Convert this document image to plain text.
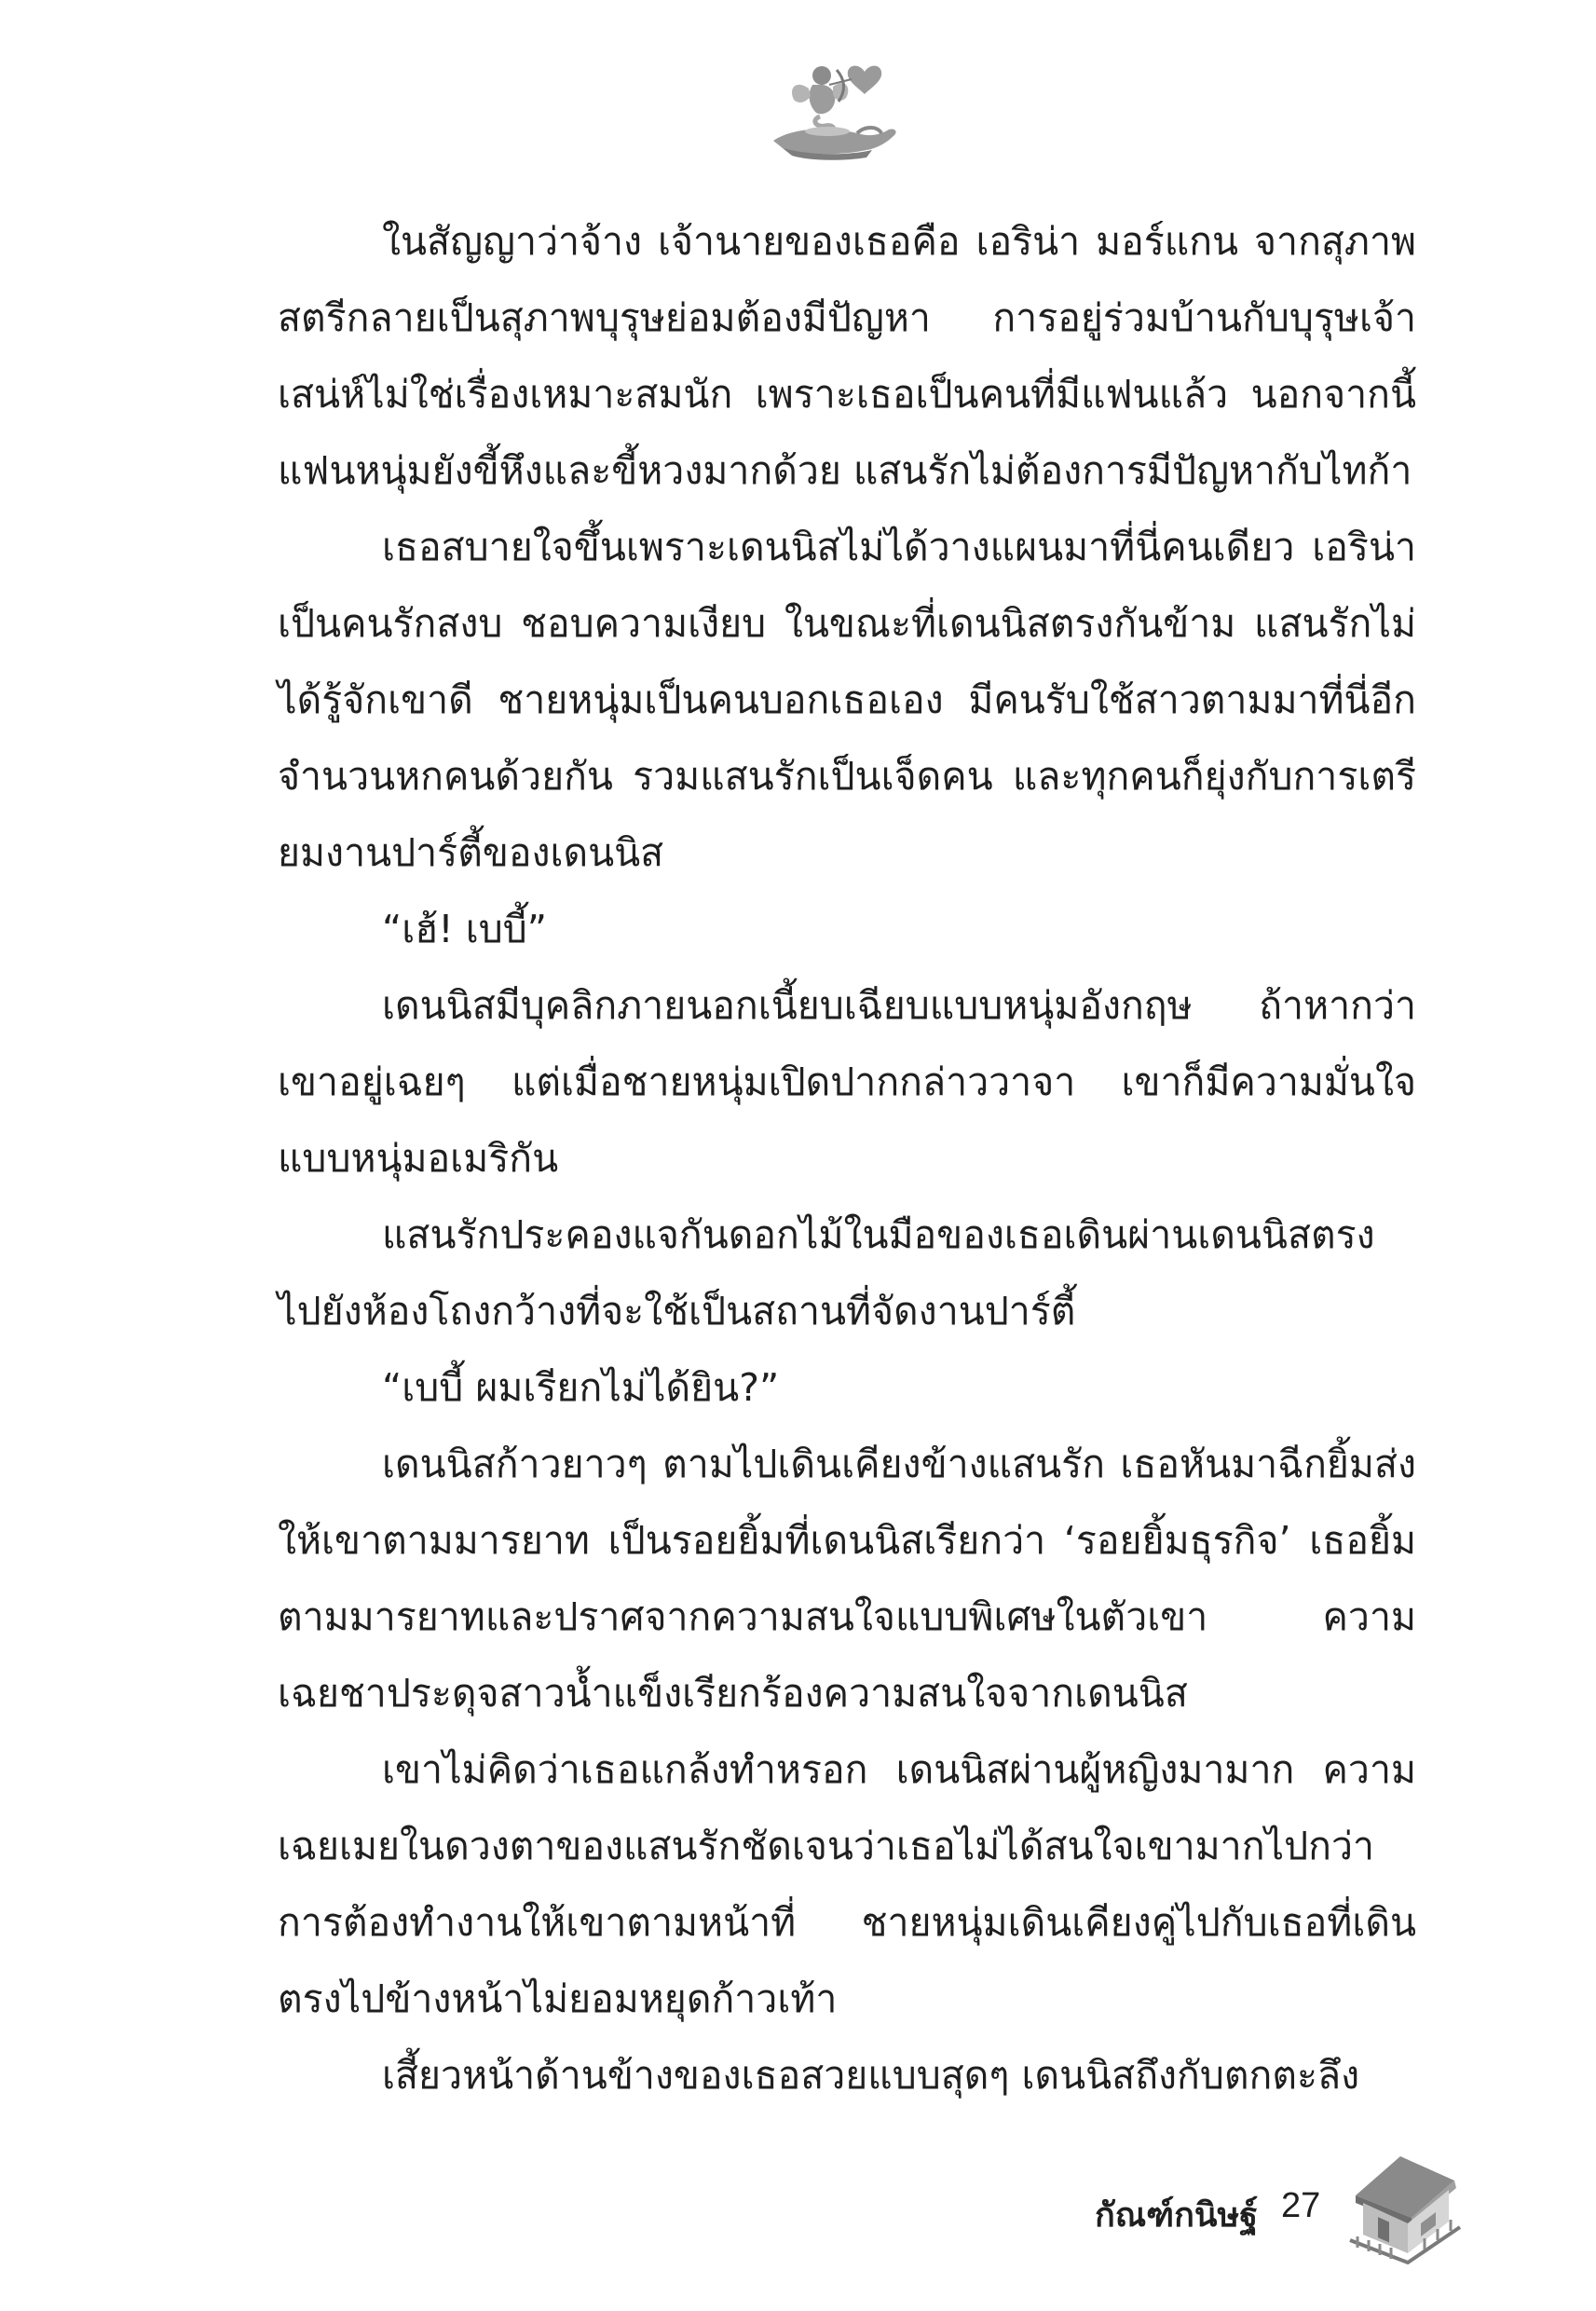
ในสัญญาว่าจ้าง เจ้านายของเธอคือ เอริน่า มอร์แกน จากสุภาพสตรีกลายเป็นสุภาพบุรุษย่อมต้องมีปัญหา การอยู่ร่วมบ้านกับบุรุษเจ้าเสน่ห์ไม่ใช่เรื่องเหมาะสมนัก เพราะเธอเป็นคนที่มีแฟนแล้ว นอกจากนี้แฟนหนุ่มยังขี้หึงและขี้หวงมากด้วย แสนรักไม่ต้องการมีปัญหากับไทก้า

เธอสบายใจขึ้นเพราะเดนนิสไม่ได้วางแผนมาที่นี่คนเดียว เอริน่าเป็นคนรักสงบ ชอบความเงียบ ในขณะที่เดนนิสตรงกันข้าม แสนรักไม่ได้รู้จักเขาดี ชายหนุ่มเป็นคนบอกเธอเอง มีคนรับใช้สาวตามมาที่นี่อีกจำนวนหกคนด้วยกัน รวมแสนรักเป็นเจ็ดคน และทุกคนก็ยุ่งกับการเตรียมงานปาร์ตี้ของเดนนิส

“เฮ้! เบบี้”

เดนนิสมีบุคลิกภายนอกเนี้ยบเฉียบแบบหนุ่มอังกฤษ ถ้าหากว่าเขาอยู่เฉยๆ แต่เมื่อชายหนุ่มเปิดปากกล่าววาจา เขาก็มีความมั่นใจแบบหนุ่มอเมริกัน

แสนรักประคองแจกันดอกไม้ในมือของเธอเดินผ่านเดนนิสตรงไปยังห้องโถงกว้างที่จะใช้เป็นสถานที่จัดงานปาร์ตี้

“เบบี้ ผมเรียกไม่ได้ยิน?”

เดนนิสก้าวยาวๆ ตามไปเดินเคียงข้างแสนรัก เธอหันมาฉีกยิ้มส่งให้เขาตามมารยาท เป็นรอยยิ้มที่เดนนิสเรียกว่า ‘รอยยิ้มธุรกิจ’ เธอยิ้มตามมารยาทและปราศจากความสนใจแบบพิเศษในตัวเขา ความเฉยชาประดุจสาวน้ำแข็งเรียกร้องความสนใจจากเดนนิส

เขาไม่คิดว่าเธอแกล้งทำหรอก เดนนิสผ่านผู้หญิงมามาก ความเฉยเมยในดวงตาของแสนรักชัดเจนว่าเธอไม่ได้สนใจเขามากไปกว่าการต้องทำงานให้เขาตามหน้าที่ ชายหนุ่มเดินเคียงคู่ไปกับเธอที่เดินตรงไปข้างหน้าไม่ยอมหยุดก้าวเท้า

เสี้ยวหน้าด้านข้างของเธอสวยแบบสุดๆ เดนนิสถึงกับตกตะลึง

กัณฑ์กนิษฐ์ 27
